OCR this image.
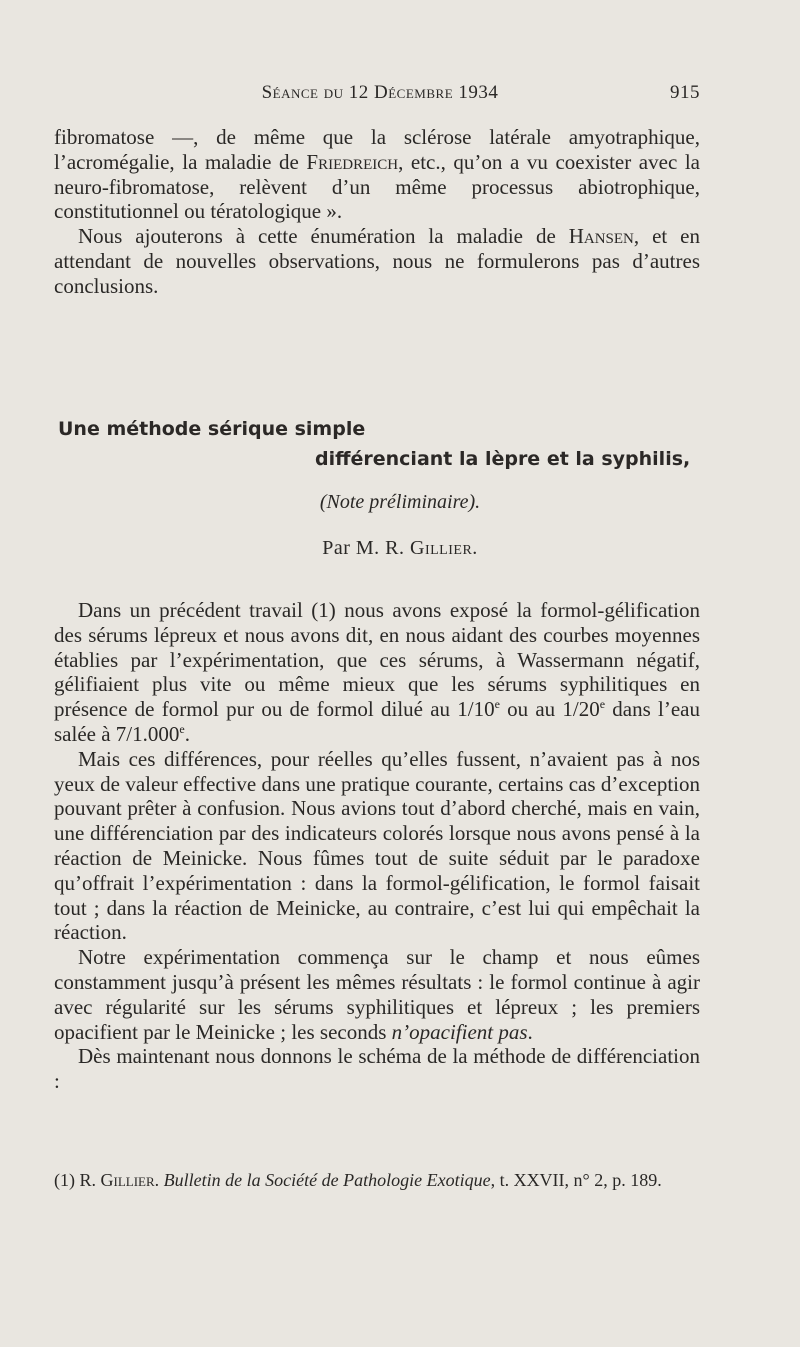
Séance du 12 Décembre 1934	915

fibromatose —, de même que la sclérose latérale amyotraphique, l’acromégalie, la maladie de Friedreich, etc., qu’on a vu coexister avec la neuro-fibromatose, relèvent d’un même processus abiotrophique, constitutionnel ou tératologique ».

Nous ajouterons à cette énumération la maladie de Hansen, et en attendant de nouvelles observations, nous ne formulerons pas d’autres conclusions.

Une méthode sérique simple
différenciant la lèpre et la syphilis,
(Note préliminaire).
Par M. R. Gillier.

Dans un précédent travail (1) nous avons exposé la formol-gélification des sérums lépreux et nous avons dit, en nous aidant des courbes moyennes établies par l’expérimentation, que ces sérums, à Wassermann négatif, gélifiaient plus vite ou même mieux que les sérums syphilitiques en présence de formol pur ou de formol dilué au 1/10e ou au 1/20e dans l’eau salée à 7/1.000e.

Mais ces différences, pour réelles qu’elles fussent, n’avaient pas à nos yeux de valeur effective dans une pratique courante, certains cas d’exception pouvant prêter à confusion. Nous avions tout d’abord cherché, mais en vain, une différenciation par des indicateurs colorés lorsque nous avons pensé à la réaction de Meinicke. Nous fûmes tout de suite séduit par le paradoxe qu’offrait l’expérimentation : dans la formol-gélification, le formol faisait tout ; dans la réaction de Meinicke, au contraire, c’est lui qui empêchait la réaction.

Notre expérimentation commença sur le champ et nous eûmes constamment jusqu’à présent les mêmes résultats : le formol continue à agir avec régularité sur les sérums syphilitiques et lépreux ; les premiers opacifient par le Meinicke ; les seconds n’opacifient pas.

Dès maintenant nous donnons le schéma de la méthode de différenciation :

(1) R. Gillier. Bulletin de la Société de Pathologie Exotique, t. XXVII, n° 2, p. 189.
